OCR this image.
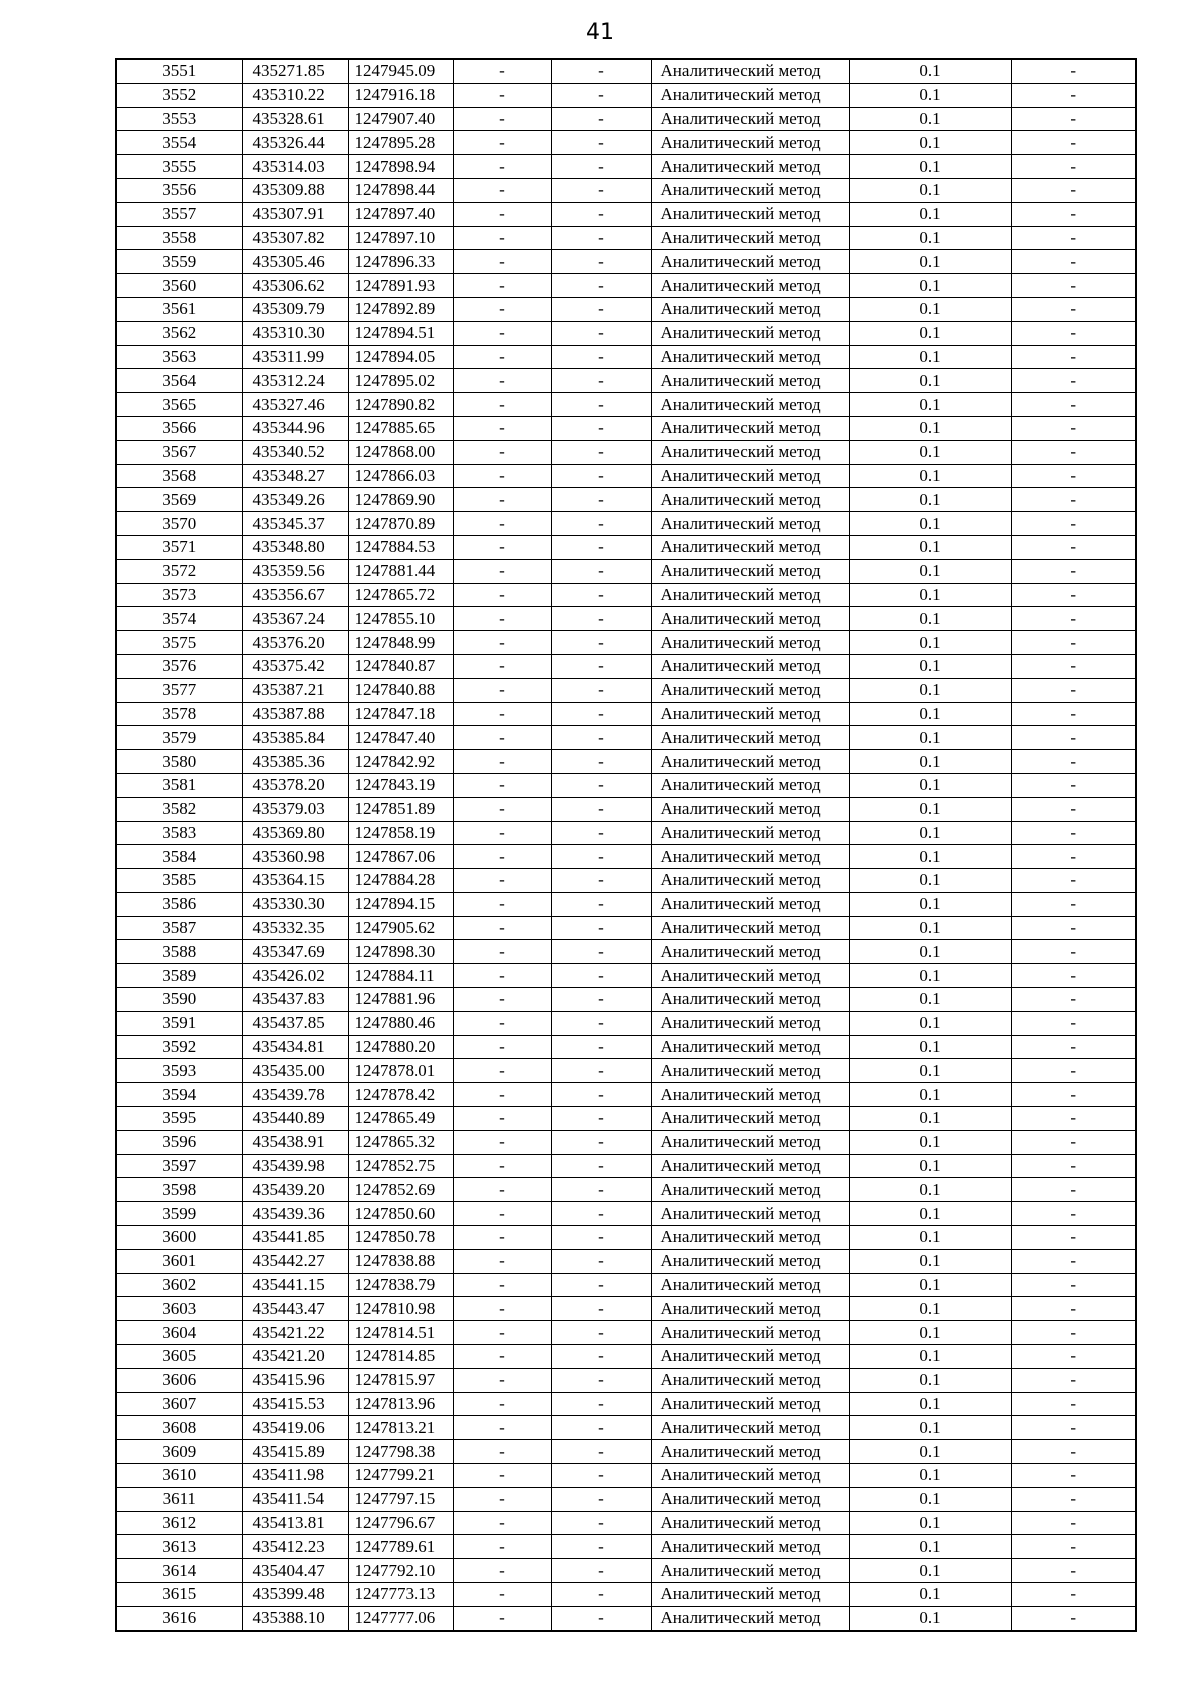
41
3551	435271.85	1247945.09	-	-	Аналитический метод	0.1	-
3552	435310.22	1247916.18	-	-	Аналитический метод	0.1	-
3553	435328.61	1247907.40	-	-	Аналитический метод	0.1	-
3554	435326.44	1247895.28	-	-	Аналитический метод	0.1	-
3555	435314.03	1247898.94	-	-	Аналитический метод	0.1	-
3556	435309.88	1247898.44	-	-	Аналитический метод	0.1	-
3557	435307.91	1247897.40	-	-	Аналитический метод	0.1	-
3558	435307.82	1247897.10	-	-	Аналитический метод	0.1	-
3559	435305.46	1247896.33	-	-	Аналитический метод	0.1	-
3560	435306.62	1247891.93	-	-	Аналитический метод	0.1	-
3561	435309.79	1247892.89	-	-	Аналитический метод	0.1	-
3562	435310.30	1247894.51	-	-	Аналитический метод	0.1	-
3563	435311.99	1247894.05	-	-	Аналитический метод	0.1	-
3564	435312.24	1247895.02	-	-	Аналитический метод	0.1	-
3565	435327.46	1247890.82	-	-	Аналитический метод	0.1	-
3566	435344.96	1247885.65	-	-	Аналитический метод	0.1	-
3567	435340.52	1247868.00	-	-	Аналитический метод	0.1	-
3568	435348.27	1247866.03	-	-	Аналитический метод	0.1	-
3569	435349.26	1247869.90	-	-	Аналитический метод	0.1	-
3570	435345.37	1247870.89	-	-	Аналитический метод	0.1	-
3571	435348.80	1247884.53	-	-	Аналитический метод	0.1	-
3572	435359.56	1247881.44	-	-	Аналитический метод	0.1	-
3573	435356.67	1247865.72	-	-	Аналитический метод	0.1	-
3574	435367.24	1247855.10	-	-	Аналитический метод	0.1	-
3575	435376.20	1247848.99	-	-	Аналитический метод	0.1	-
3576	435375.42	1247840.87	-	-	Аналитический метод	0.1	-
3577	435387.21	1247840.88	-	-	Аналитический метод	0.1	-
3578	435387.88	1247847.18	-	-	Аналитический метод	0.1	-
3579	435385.84	1247847.40	-	-	Аналитический метод	0.1	-
3580	435385.36	1247842.92	-	-	Аналитический метод	0.1	-
3581	435378.20	1247843.19	-	-	Аналитический метод	0.1	-
3582	435379.03	1247851.89	-	-	Аналитический метод	0.1	-
3583	435369.80	1247858.19	-	-	Аналитический метод	0.1	-
3584	435360.98	1247867.06	-	-	Аналитический метод	0.1	-
3585	435364.15	1247884.28	-	-	Аналитический метод	0.1	-
3586	435330.30	1247894.15	-	-	Аналитический метод	0.1	-
3587	435332.35	1247905.62	-	-	Аналитический метод	0.1	-
3588	435347.69	1247898.30	-	-	Аналитический метод	0.1	-
3589	435426.02	1247884.11	-	-	Аналитический метод	0.1	-
3590	435437.83	1247881.96	-	-	Аналитический метод	0.1	-
3591	435437.85	1247880.46	-	-	Аналитический метод	0.1	-
3592	435434.81	1247880.20	-	-	Аналитический метод	0.1	-
3593	435435.00	1247878.01	-	-	Аналитический метод	0.1	-
3594	435439.78	1247878.42	-	-	Аналитический метод	0.1	-
3595	435440.89	1247865.49	-	-	Аналитический метод	0.1	-
3596	435438.91	1247865.32	-	-	Аналитический метод	0.1	-
3597	435439.98	1247852.75	-	-	Аналитический метод	0.1	-
3598	435439.20	1247852.69	-	-	Аналитический метод	0.1	-
3599	435439.36	1247850.60	-	-	Аналитический метод	0.1	-
3600	435441.85	1247850.78	-	-	Аналитический метод	0.1	-
3601	435442.27	1247838.88	-	-	Аналитический метод	0.1	-
3602	435441.15	1247838.79	-	-	Аналитический метод	0.1	-
3603	435443.47	1247810.98	-	-	Аналитический метод	0.1	-
3604	435421.22	1247814.51	-	-	Аналитический метод	0.1	-
3605	435421.20	1247814.85	-	-	Аналитический метод	0.1	-
3606	435415.96	1247815.97	-	-	Аналитический метод	0.1	-
3607	435415.53	1247813.96	-	-	Аналитический метод	0.1	-
3608	435419.06	1247813.21	-	-	Аналитический метод	0.1	-
3609	435415.89	1247798.38	-	-	Аналитический метод	0.1	-
3610	435411.98	1247799.21	-	-	Аналитический метод	0.1	-
3611	435411.54	1247797.15	-	-	Аналитический метод	0.1	-
3612	435413.81	1247796.67	-	-	Аналитический метод	0.1	-
3613	435412.23	1247789.61	-	-	Аналитический метод	0.1	-
3614	435404.47	1247792.10	-	-	Аналитический метод	0.1	-
3615	435399.48	1247773.13	-	-	Аналитический метод	0.1	-
3616	435388.10	1247777.06	-	-	Аналитический метод	0.1	-
